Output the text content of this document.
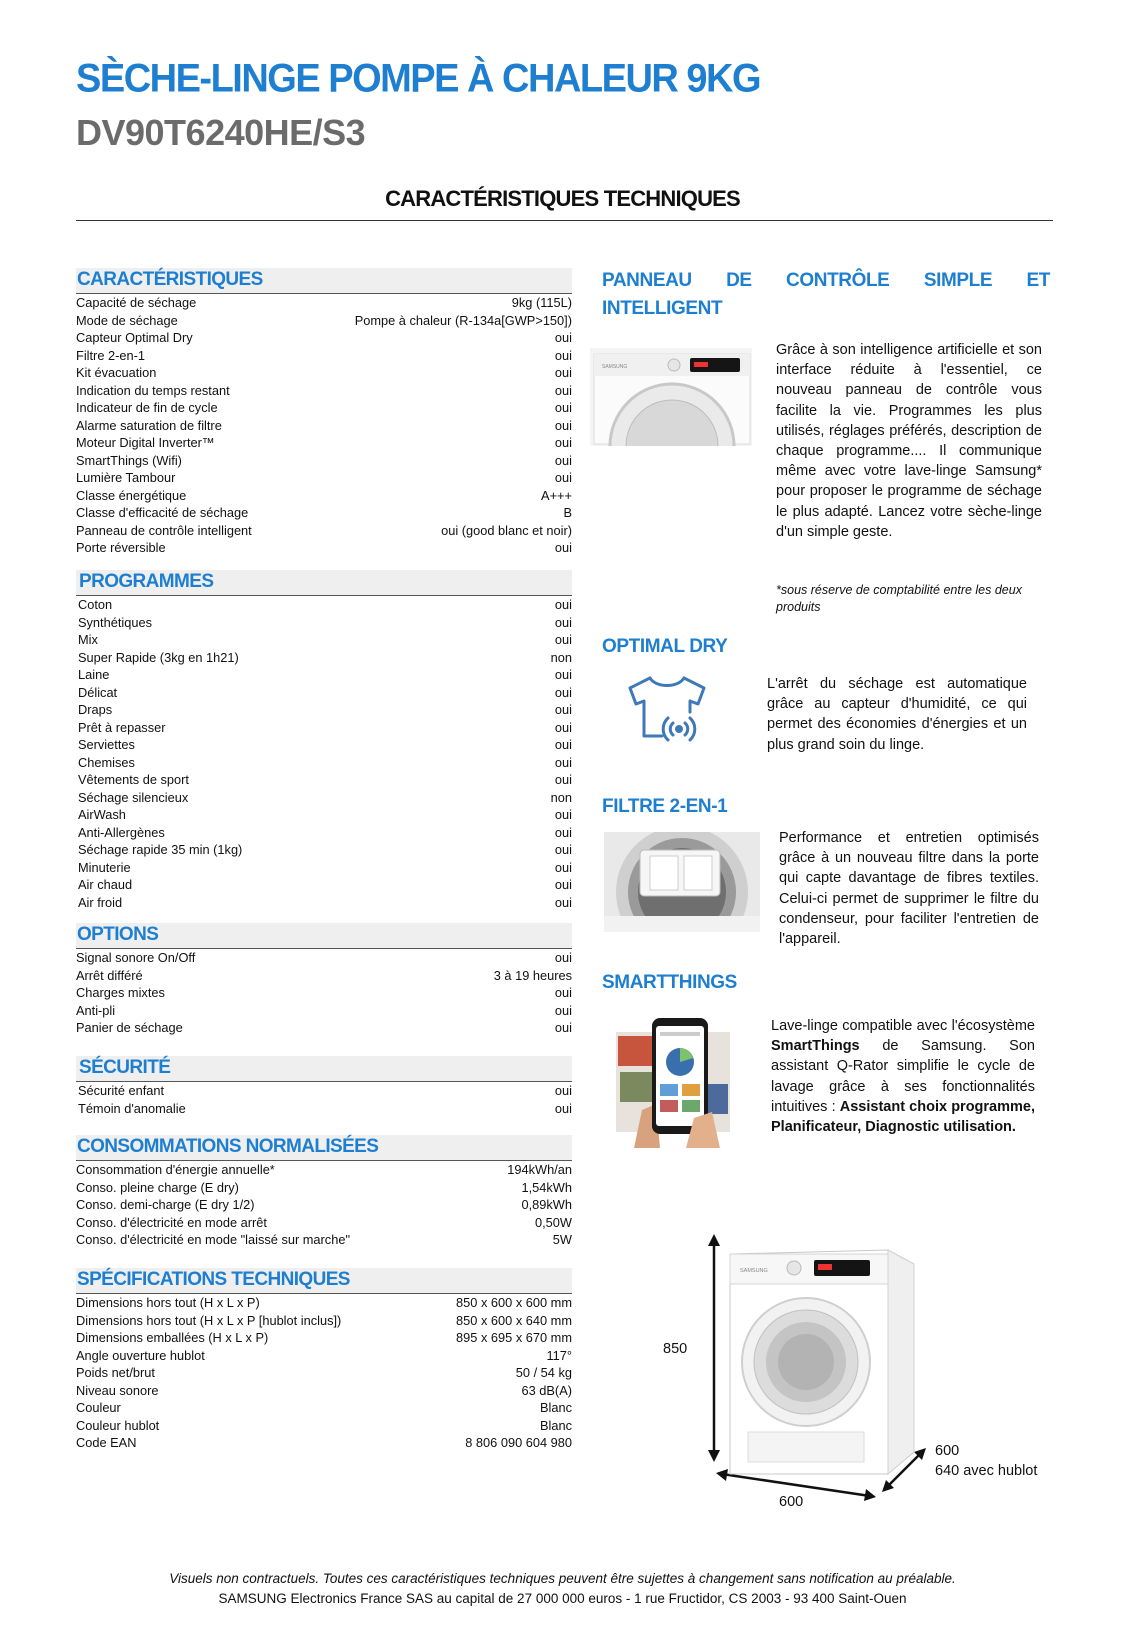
SÈCHE-LINGE POMPE À CHALEUR 9KG
DV90T6240HE/S3
CARACTÉRISTIQUES TECHNIQUES
CARACTÉRISTIQUES
Capacité de séchage	9kg (115L)
Mode de séchage	Pompe à chaleur (R-134a[GWP>150])
Capteur Optimal Dry	oui
Filtre 2-en-1	oui
Kit évacuation	oui
Indication du temps restant	oui
Indicateur de fin de cycle	oui
Alarme saturation de filtre	oui
Moteur Digital Inverter™	oui
SmartThings (Wifi)	oui
Lumière Tambour	oui
Classe énergétique	A+++
Classe d'efficacité de séchage	B
Panneau de contrôle intelligent	oui (good blanc et noir)
Porte réversible	oui
PROGRAMMES
Coton	oui
Synthétiques	oui
Mix	oui
Super Rapide (3kg en 1h21)	non
Laine	oui
Délicat	oui
Draps	oui
Prêt à repasser	oui
Serviettes	oui
Chemises	oui
Vêtements de sport	oui
Séchage silencieux	non
AirWash	oui
Anti-Allergènes	oui
Séchage rapide 35 min (1kg)	oui
Minuterie	oui
Air chaud	oui
Air froid	oui
OPTIONS
Signal sonore On/Off	oui
Arrêt différé	3 à 19 heures
Charges mixtes	oui
Anti-pli	oui
Panier de séchage	oui
SÉCURITÉ
Sécurité enfant	oui
Témoin d'anomalie	oui
CONSOMMATIONS NORMALISÉES
Consommation d'énergie annuelle*	194kWh/an
Conso. pleine charge (E dry)	1,54kWh
Conso. demi-charge (E dry 1/2)	0,89kWh
Conso. d'électricité en mode arrêt	0,50W
Conso. d'électricité en mode "laissé sur marche"	5W
SPÉCIFICATIONS TECHNIQUES
Dimensions hors tout (H x L x P)	850 x 600 x 600 mm
Dimensions hors tout (H x L x P [hublot inclus])	850 x 600 x 640 mm
Dimensions emballées (H x L x P)	895 x 695 x 670 mm
Angle ouverture hublot	117°
Poids net/brut	50 / 54 kg
Niveau sonore	63 dB(A)
Couleur	Blanc
Couleur hublot	Blanc
Code EAN	8 806 090 604 980
PANNEAU DE CONTRÔLE SIMPLE ET INTELLIGENT
SAMSUNG
Grâce à son intelligence artificielle et son interface réduite à l'essentiel, ce nouveau panneau de contrôle vous facilite la vie. Programmes les plus utilisés, réglages préférés, description de chaque programme.... Il communique même avec votre lave-linge Samsung* pour proposer le programme de séchage le plus adapté. Lancez votre sèche-linge d'un simple geste.
*sous réserve de comptabilité entre les deux produits
OPTIMAL DRY
L'arrêt du séchage est automatique grâce au capteur d'humidité, ce qui permet des économies d'énergies et un plus grand soin du linge.
FILTRE 2-EN-1
Performance et entretien optimisés grâce à un nouveau filtre dans la porte qui capte davantage de fibres textiles. Celui-ci permet de supprimer le filtre du condenseur, pour faciliter l'entretien de l'appareil.
SMARTTHINGS
Lave-linge compatible avec l'écosystème SmartThings de Samsung. Son assistant Q-Rator simplifie le cycle de lavage grâce à ses fonctionnalités intuitives : Assistant choix programme, Planificateur, Diagnostic utilisation.
SAMSUNG
850
600
600
640 avec hublot
Visuels non contractuels. Toutes ces caractéristiques techniques peuvent être sujettes à changement sans notification au préalable.
SAMSUNG Electronics France SAS au capital de 27 000 000 euros - 1 rue Fructidor, CS 2003 - 93 400 Saint-Ouen
